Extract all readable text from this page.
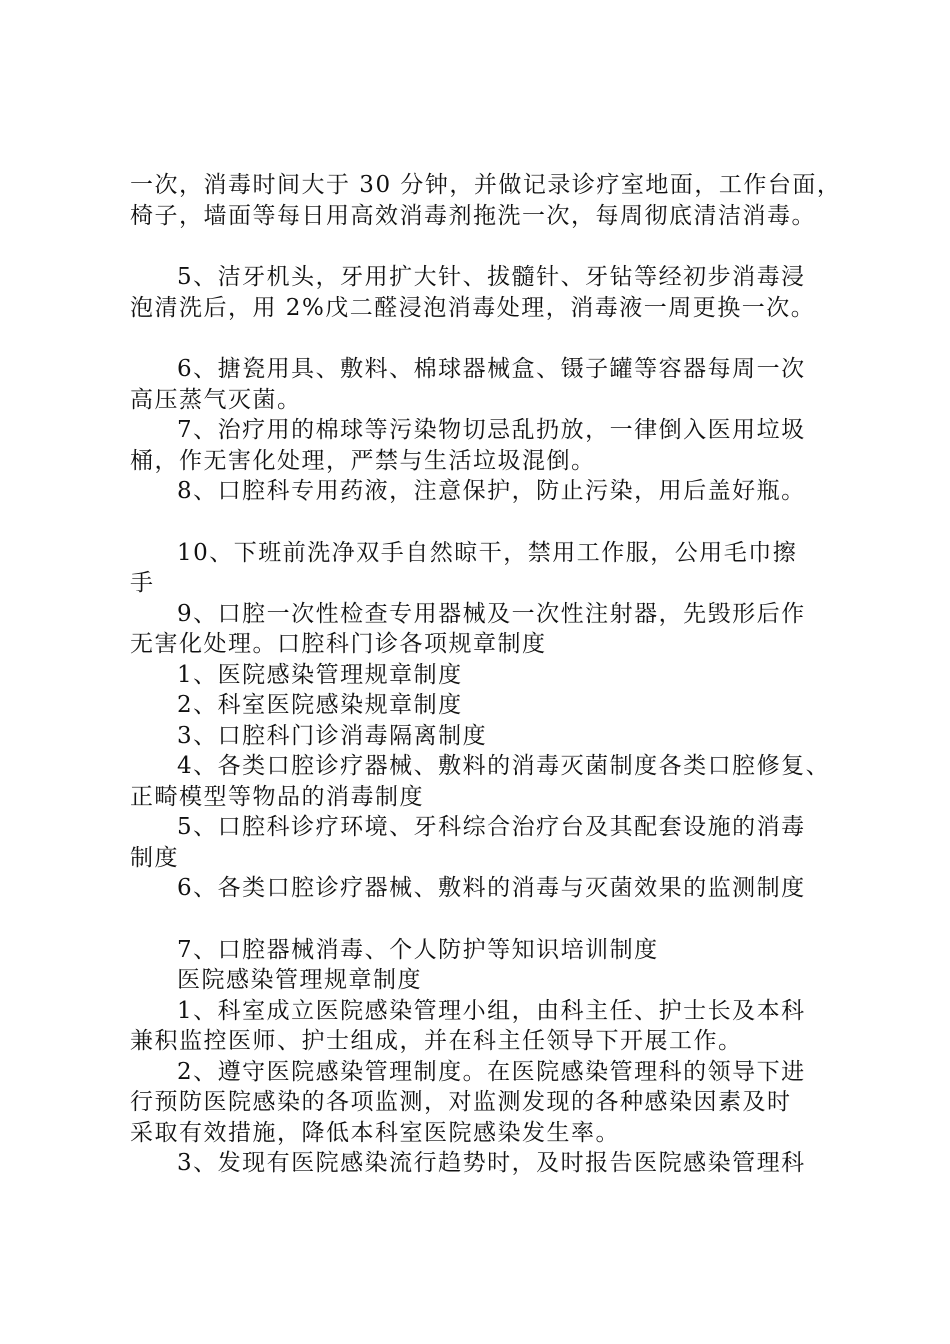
一次，消毒时间大于 30 分钟，并做记录诊疗室地面，工作台面，

椅子，墙面等每日用高效消毒剂拖洗一次，每周彻底清洁消毒。

5、洁牙机头，牙用扩大针、拔髓针、牙钻等经初步消毒浸

泡清洗后，用 2%戊二醛浸泡消毒处理，消毒液一周更换一次。

6、搪瓷用具、敷料、棉球器械盒、镊子罐等容器每周一次

高压蒸气灭菌。

7、治疗用的棉球等污染物切忌乱扔放，一律倒入医用垃圾

桶，作无害化处理，严禁与生活垃圾混倒。

8、口腔科专用药液，注意保护，防止污染，用后盖好瓶。

10、下班前洗净双手自然晾干，禁用工作服，公用毛巾擦

手

9、口腔一次性检查专用器械及一次性注射器，先毁形后作

无害化处理。口腔科门诊各项规章制度

1、医院感染管理规章制度

2、科室医院感染规章制度

3、口腔科门诊消毒隔离制度

4、各类口腔诊疗器械、敷料的消毒灭菌制度各类口腔修复、

正畸模型等物品的消毒制度

5、口腔科诊疗环境、牙科综合治疗台及其配套设施的消毒

制度

6、各类口腔诊疗器械、敷料的消毒与灭菌效果的监测制度

7、口腔器械消毒、个人防护等知识培训制度

医院感染管理规章制度

1、科室成立医院感染管理小组，由科主任、护士长及本科

兼积监控医师、护士组成，并在科主任领导下开展工作。

2、遵守医院感染管理制度。在医院感染管理科的领导下进

行预防医院感染的各项监测，对监测发现的各种感染因素及时

采取有效措施，降低本科室医院感染发生率。

3、发现有医院感染流行趋势时，及时报告医院感染管理科
